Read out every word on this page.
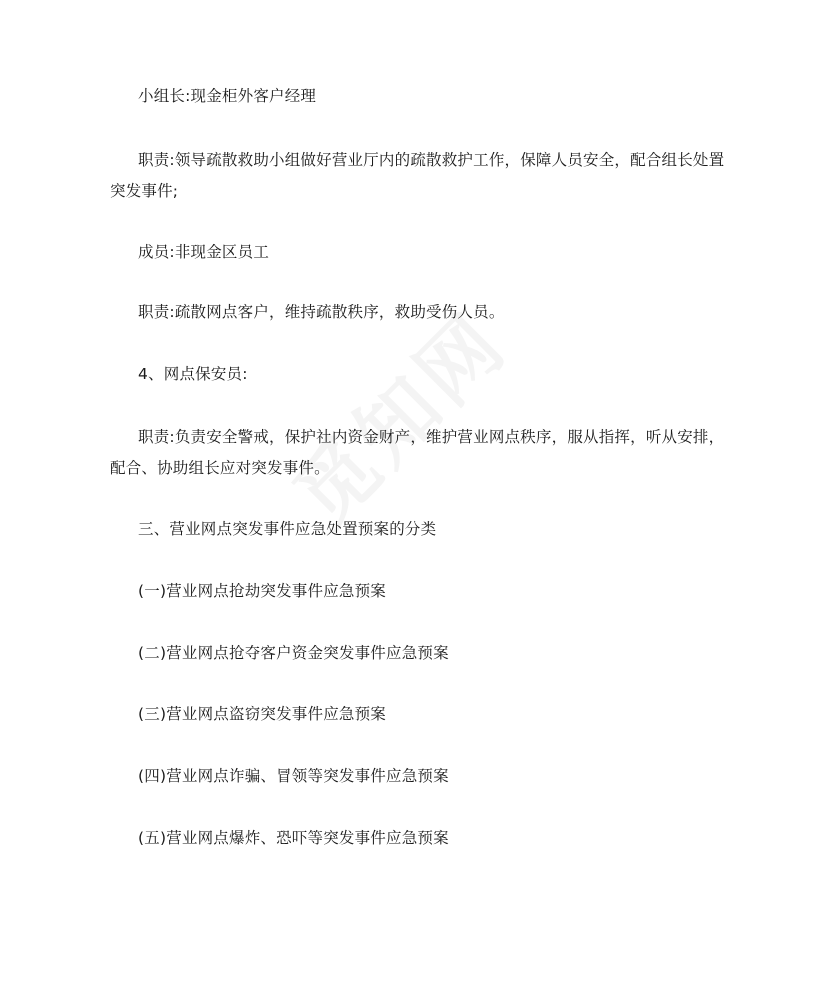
小组长:现金柜外客户经理

职责:领导疏散救助小组做好营业厅内的疏散救护工作，保障人员安全，配合组长处置突发事件;

成员:非现金区员工

职责:疏散网点客户，维持疏散秩序，救助受伤人员。

4、网点保安员:

职责:负责安全警戒，保护社内资金财产，维护营业网点秩序，服从指挥，听从安排，配合、协助组长应对突发事件。

三、营业网点突发事件应急处置预案的分类

(一)营业网点抢劫突发事件应急预案

(二)营业网点抢夺客户资金突发事件应急预案

(三)营业网点盗窃突发事件应急预案

(四)营业网点诈骗、冒领等突发事件应急预案

(五)营业网点爆炸、恐吓等突发事件应急预案
